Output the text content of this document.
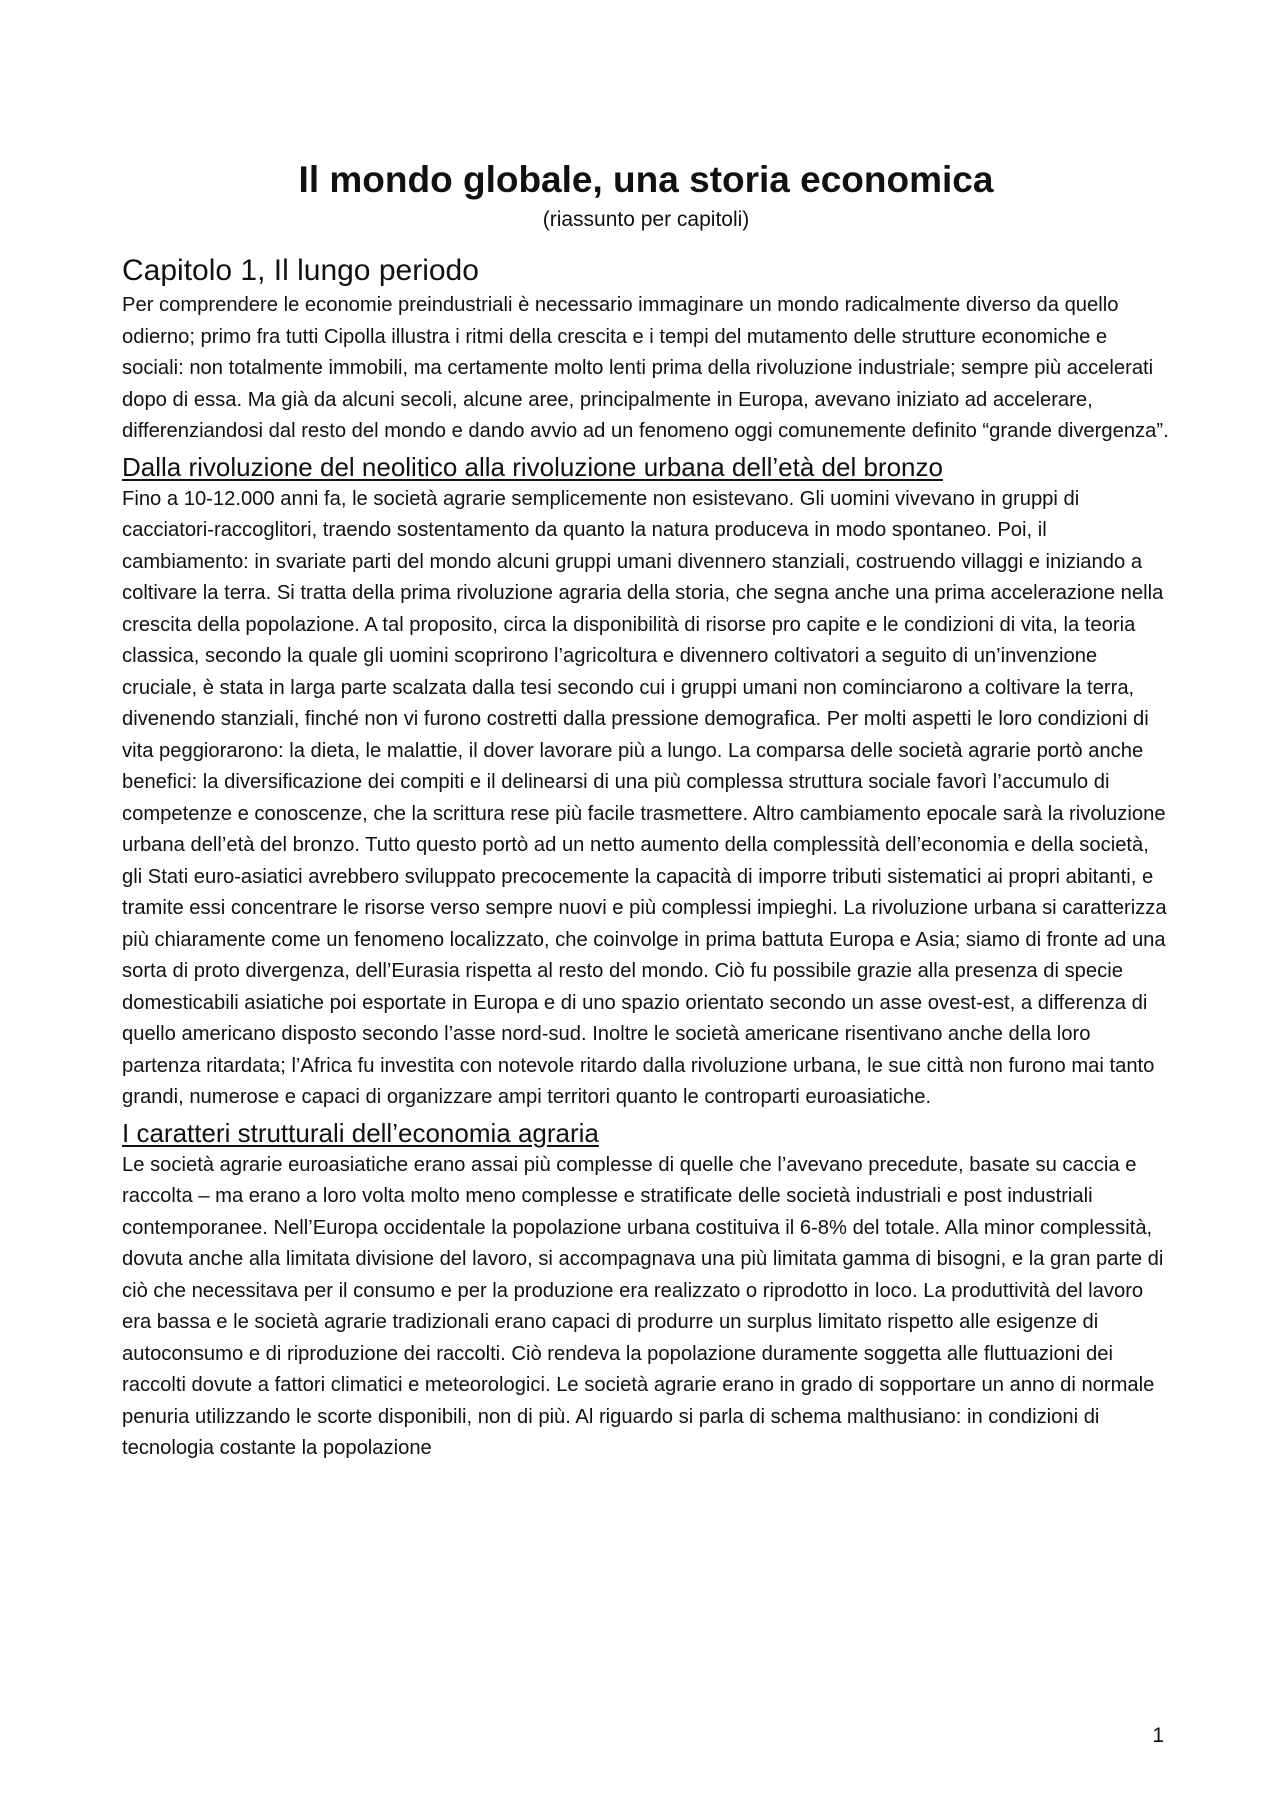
Il mondo globale, una storia economica

(riassunto per capitoli)

Capitolo 1, Il lungo periodo

Per comprendere le economie preindustriali è necessario immaginare un mondo radicalmente diverso da quello odierno; primo fra tutti Cipolla illustra i ritmi della crescita e i tempi del mutamento delle strutture economiche e sociali: non totalmente immobili, ma certamente molto lenti prima della rivoluzione industriale; sempre più accelerati dopo di essa. Ma già da alcuni secoli, alcune aree, principalmente in Europa, avevano iniziato ad accelerare, differenziandosi dal resto del mondo e dando avvio ad un fenomeno oggi comunemente definito “grande divergenza”.

Dalla rivoluzione del neolitico alla rivoluzione urbana dell’età del bronzo

Fino a 10-12.000 anni fa, le società agrarie semplicemente non esistevano. Gli uomini vivevano in gruppi di cacciatori-raccoglitori, traendo sostentamento da quanto la natura produceva in modo spontaneo. Poi, il cambiamento: in svariate parti del mondo alcuni gruppi umani divennero stanziali, costruendo villaggi e iniziando a coltivare la terra. Si tratta della prima rivoluzione agraria della storia, che segna anche una prima accelerazione nella crescita della popolazione. A tal proposito, circa la disponibilità di risorse pro capite e le condizioni di vita, la teoria classica, secondo la quale gli uomini scoprirono l’agricoltura e divennero coltivatori a seguito di un’invenzione cruciale, è stata in larga parte scalzata dalla tesi secondo cui i gruppi umani non cominciarono a coltivare la terra, divenendo stanziali, finché non vi furono costretti dalla pressione demografica. Per molti aspetti le loro condizioni di vita peggiorarono: la dieta, le malattie, il dover lavorare più a lungo. La comparsa delle società agrarie portò anche benefici: la diversificazione dei compiti e il delinearsi di una più complessa struttura sociale favorì l’accumulo di competenze e conoscenze, che la scrittura rese più facile trasmettere. Altro cambiamento epocale sarà la rivoluzione urbana dell’età del bronzo. Tutto questo portò ad un netto aumento della complessità dell’economia e della società, gli Stati euro-asiatici avrebbero sviluppato precocemente la capacità di imporre tributi sistematici ai propri abitanti, e tramite essi concentrare le risorse verso sempre nuovi e più complessi impieghi. La rivoluzione urbana si caratterizza più chiaramente come un fenomeno localizzato, che coinvolge in prima battuta Europa e Asia; siamo di fronte ad una sorta di proto divergenza, dell’Eurasia rispetta al resto del mondo. Ciò fu possibile grazie alla presenza di specie domesticabili asiatiche poi esportate in Europa e di uno spazio orientato secondo un asse ovest-est, a differenza di quello americano disposto secondo l’asse nord-sud. Inoltre le società americane risentivano anche della loro partenza ritardata; l’Africa fu investita con notevole ritardo dalla rivoluzione urbana, le sue città non furono mai tanto grandi, numerose e capaci di organizzare ampi territori quanto le controparti euroasiatiche.

I caratteri strutturali dell’economia agraria

Le società agrarie euroasiatiche erano assai più complesse di quelle che l’avevano precedute, basate su caccia e raccolta – ma erano a loro volta molto meno complesse e stratificate delle società industriali e post industriali contemporanee. Nell’Europa occidentale la popolazione urbana costituiva il 6-8% del totale. Alla minor complessità, dovuta anche alla limitata divisione del lavoro, si accompagnava una più limitata gamma di bisogni, e la gran parte di ciò che necessitava per il consumo e per la produzione era realizzato o riprodotto in loco. La produttività del lavoro era bassa e le società agrarie tradizionali erano capaci di produrre un surplus limitato rispetto alle esigenze di autoconsumo e di riproduzione dei raccolti. Ciò rendeva la popolazione duramente soggetta alle fluttuazioni dei raccolti dovute a fattori climatici e meteorologici. Le società agrarie erano in grado di sopportare un anno di normale penuria utilizzando le scorte disponibili, non di più. Al riguardo si parla di schema malthusiano: in condizioni di tecnologia costante la popolazione

1
